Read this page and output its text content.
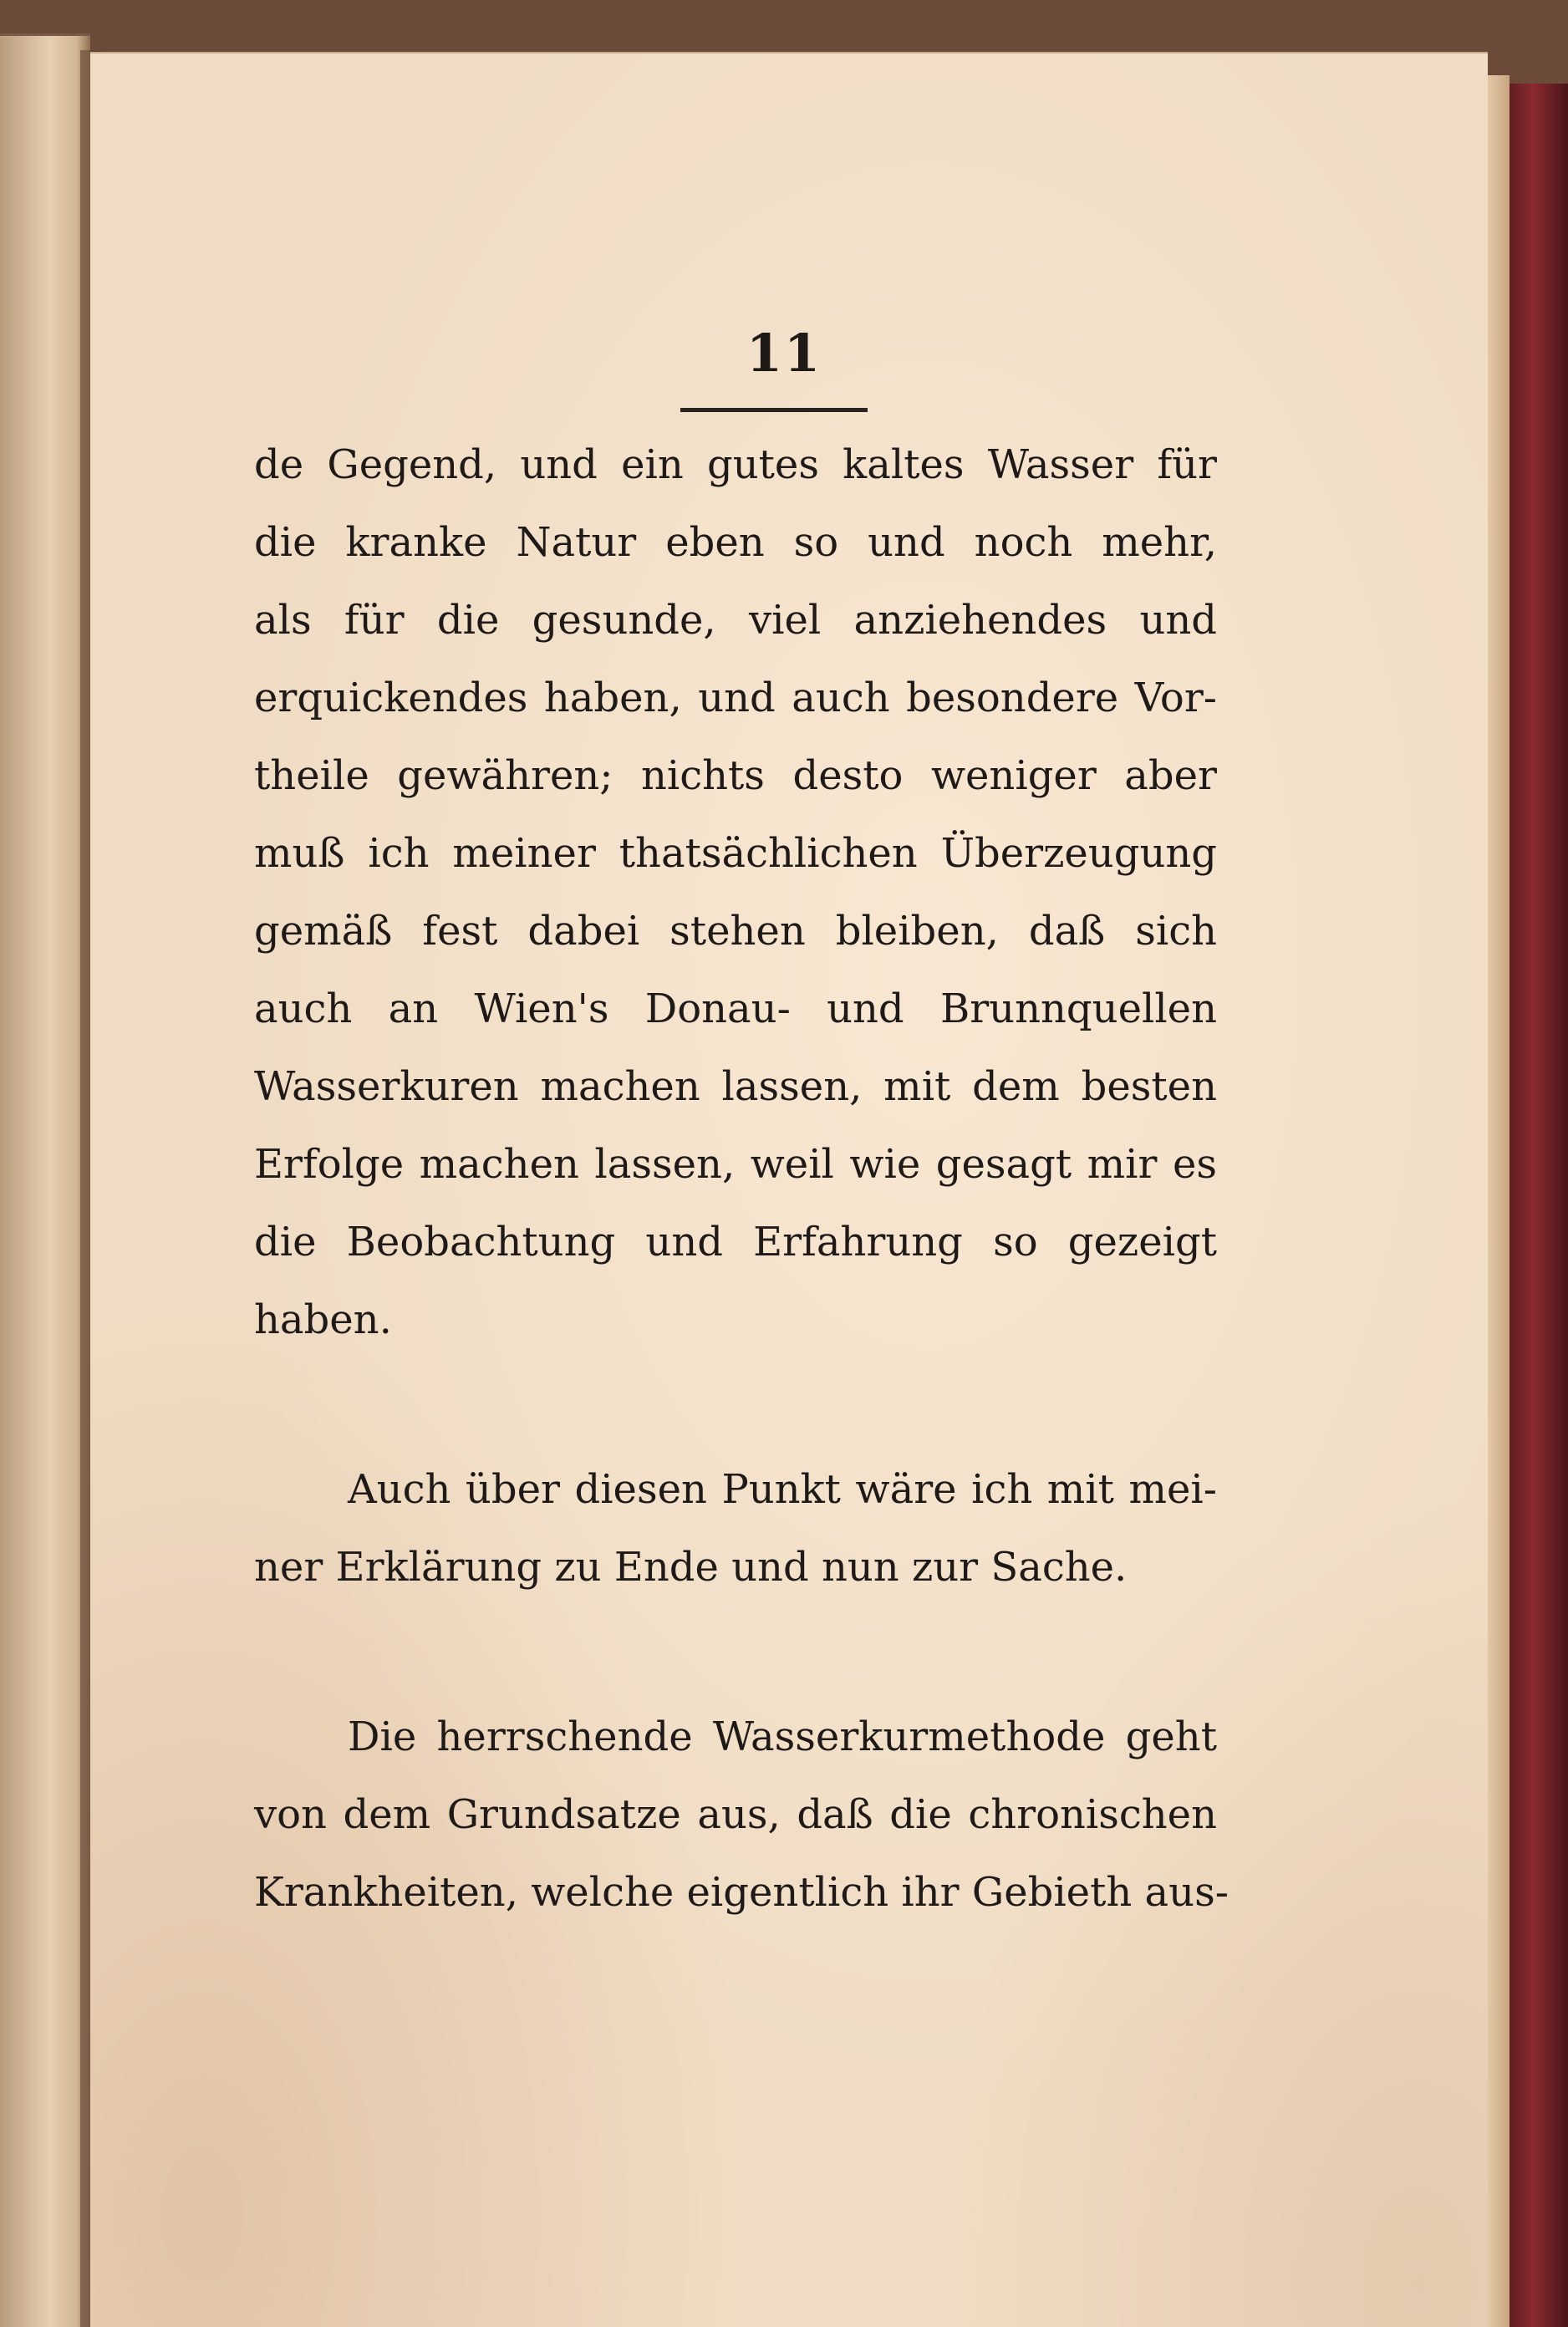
11
de Gegend, und ein gutes kaltes Wasser für
die kranke Natur eben so und noch mehr,
als für die gesunde, viel anziehendes und
erquickendes haben, und auch besondere Vor-
theile gewähren; nichts desto weniger aber
muß ich meiner thatsächlichen Überzeugung
gemäß fest dabei stehen bleiben, daß sich
auch an Wien's Donau- und Brunnquellen
Wasserkuren machen lassen, mit dem besten
Erfolge machen lassen, weil wie gesagt mir es
die Beobachtung und Erfahrung so gezeigt
haben.
Auch über diesen Punkt wäre ich mit mei-
ner Erklärung zu Ende und nun zur Sache.
Die herrschende Wasserkurmethode geht
von dem Grundsatze aus, daß die chronischen
Krankheiten, welche eigentlich ihr Gebieth aus-
